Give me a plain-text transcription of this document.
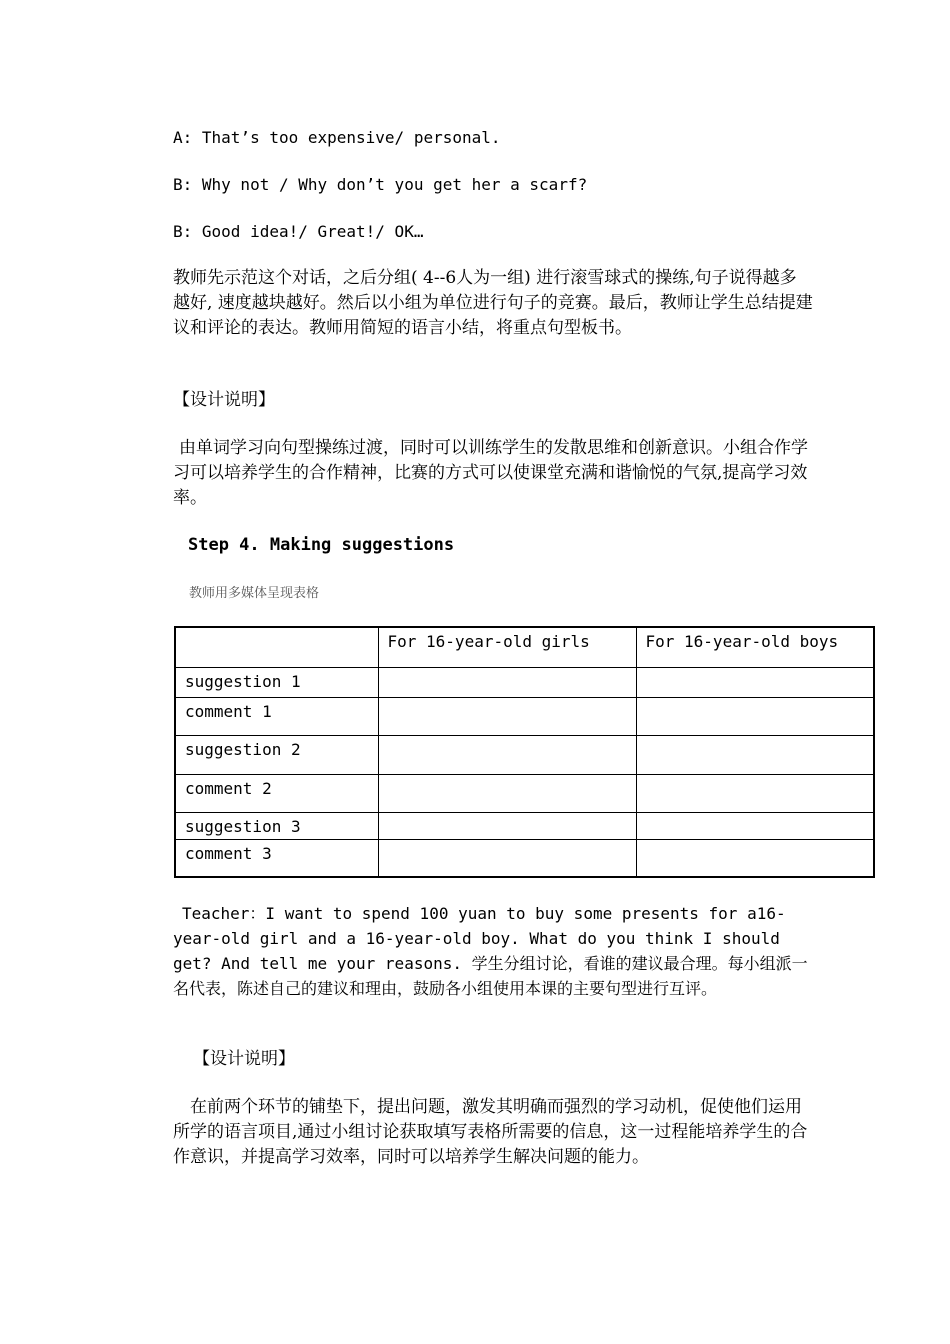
A: That’s too expensive/ personal.

B: Why not / Why don’t you get her a scarf?

B: Good idea!/ Great!/ OK…

教师先示范这个对话，之后分组( 4--6人为一组) 进行滚雪球式的操练,句子说得越多越好, 速度越块越好。然后以小组为单位进行句子的竞赛。最后，教师让学生总结提建议和评论的表达。教师用简短的语言小结，将重点句型板书。

【设计说明】

由单词学习向句型操练过渡，同时可以训练学生的发散思维和创新意识。小组合作学习可以培养学生的合作精神，比赛的方式可以使课堂充满和谐愉悦的气氛,提高学习效率。

Step 4. Making suggestions

教师用多媒体呈现表格

	For 16-year-old girls	For 16-year-old boys
suggestion 1		
comment 1		
suggestion 2		
comment 2		
suggestion 3		
comment 3		

Teacher：I want to spend 100 yuan to buy some presents for a16-year-old girl and a 16-year-old boy. What do you think I should get? And tell me your reasons. 学生分组讨论，看谁的建议最合理。每小组派一名代表，陈述自己的建议和理由，鼓励各小组使用本课的主要句型进行互评。

【设计说明】

在前两个环节的铺垫下，提出问题，激发其明确而强烈的学习动机，促使他们运用所学的语言项目,通过小组讨论获取填写表格所需要的信息，这一过程能培养学生的合作意识，并提高学习效率，同时可以培养学生解决问题的能力。
